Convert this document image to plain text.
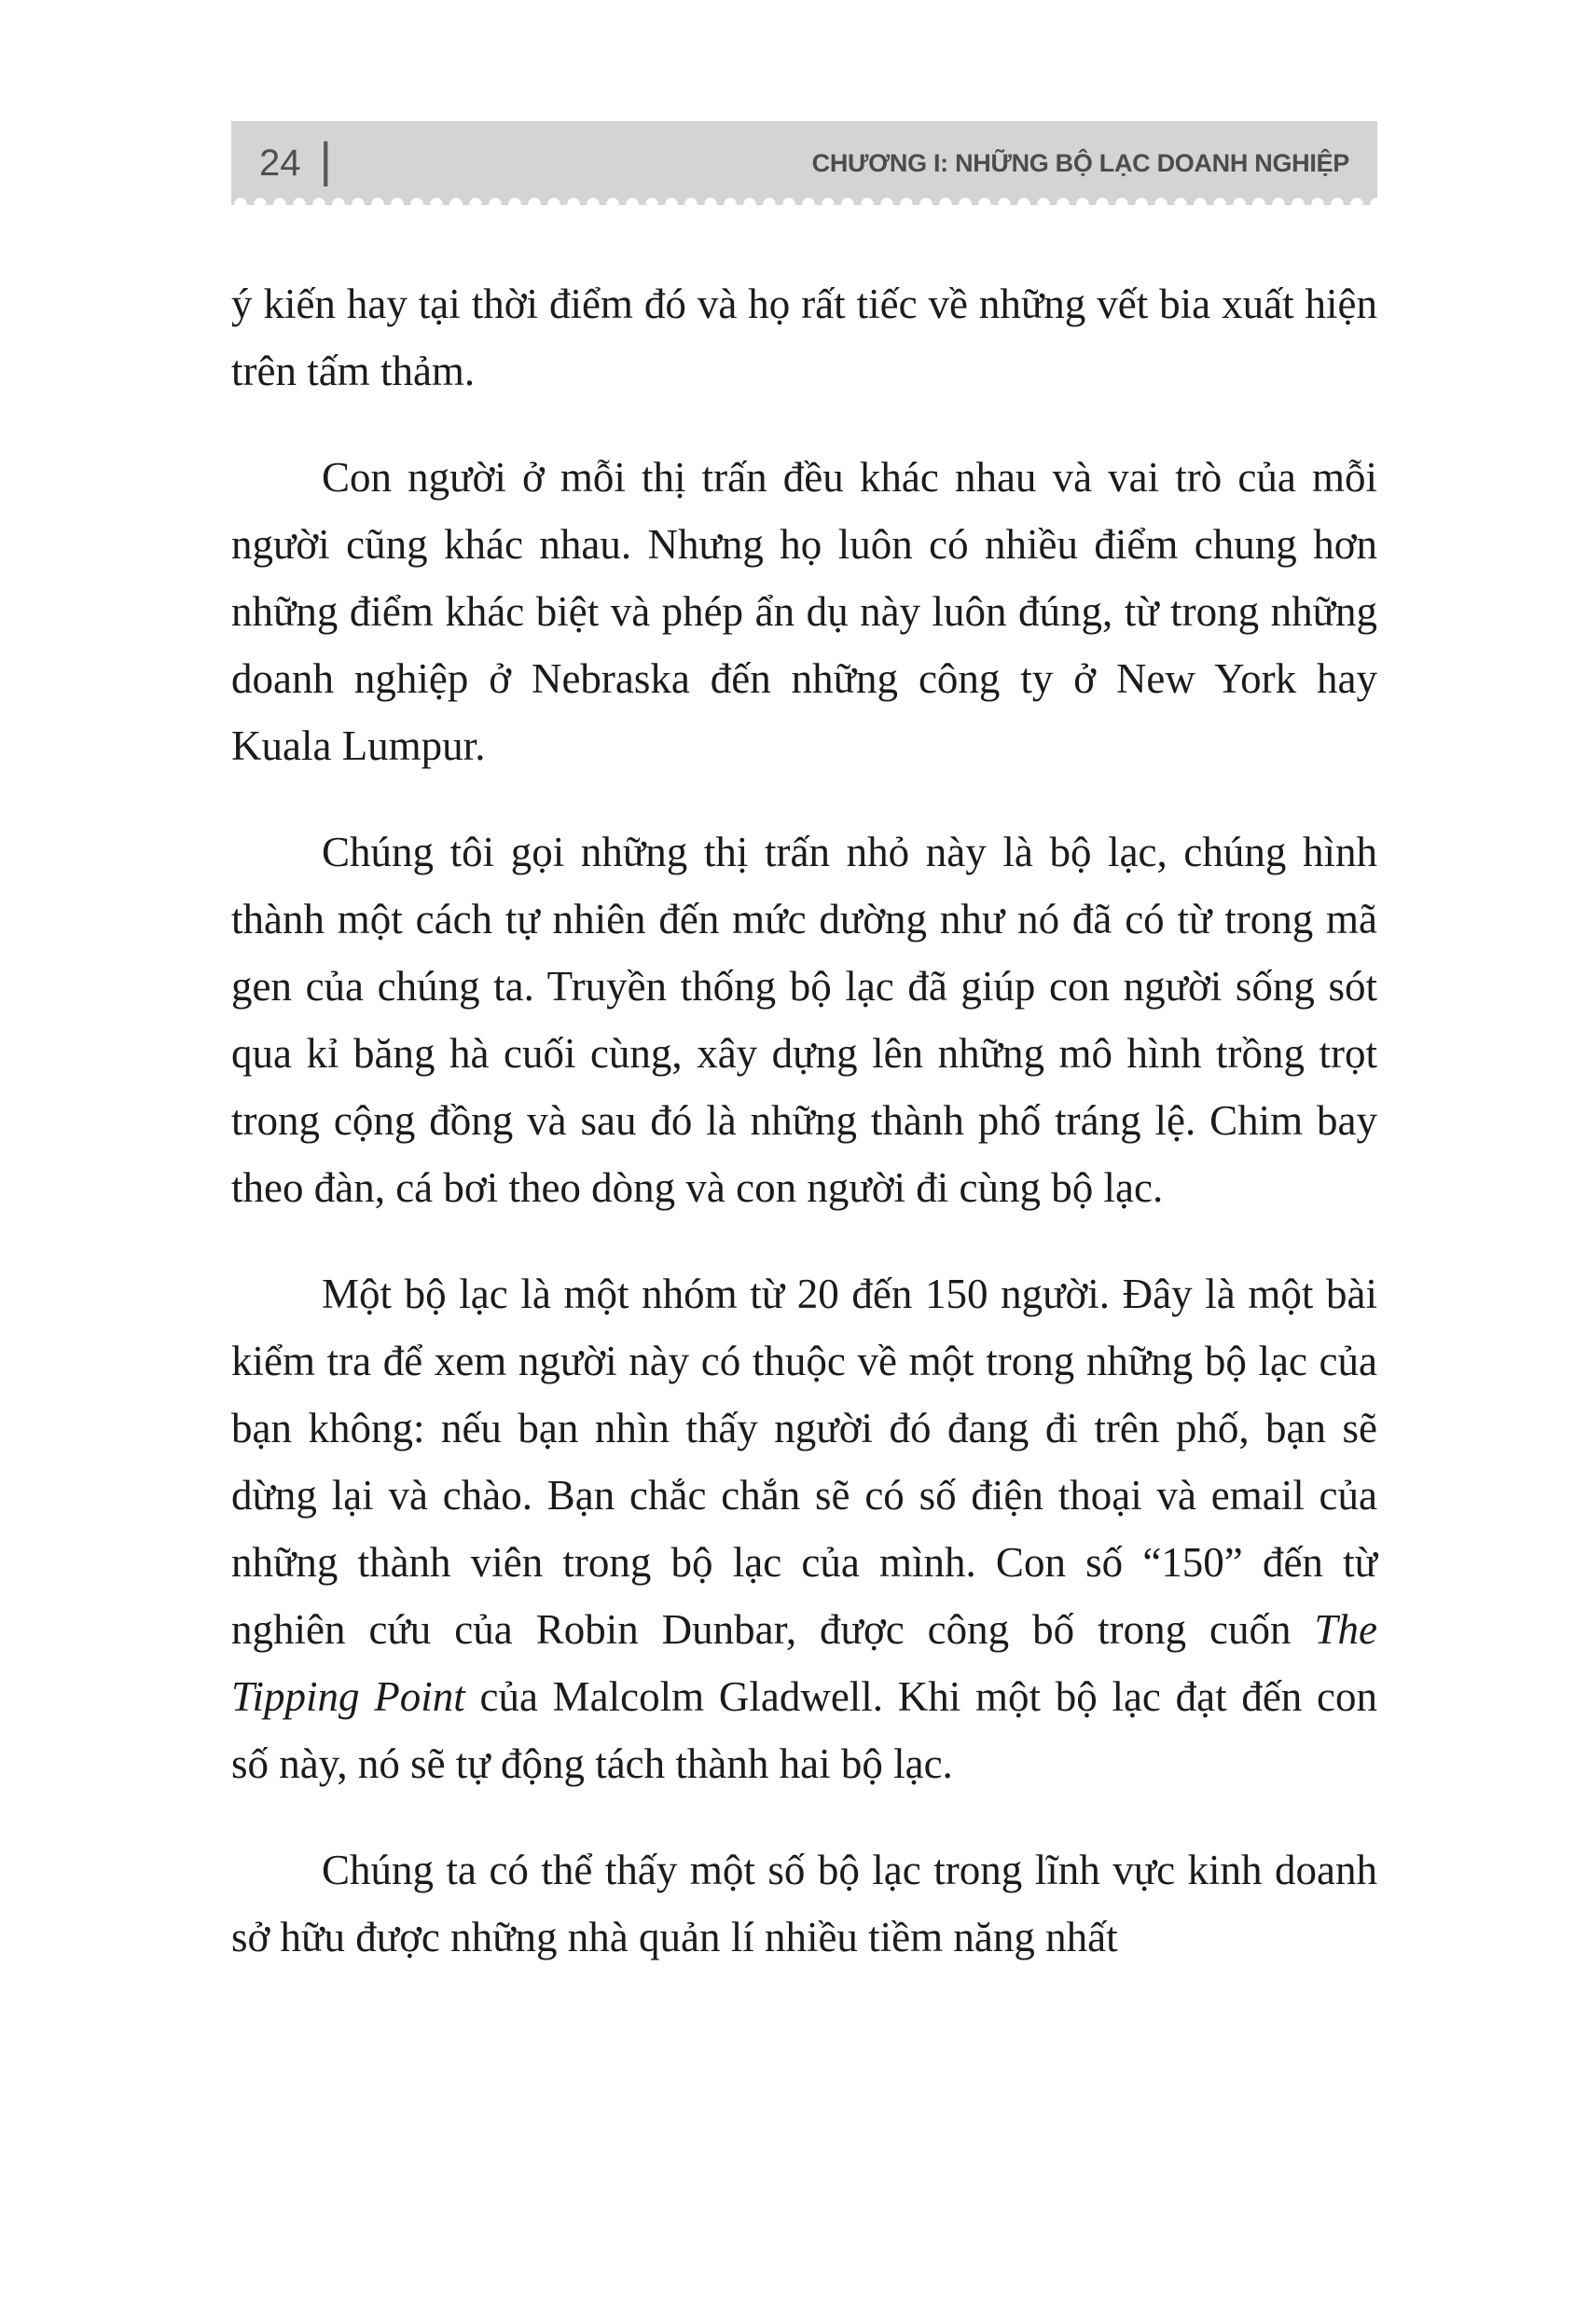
24 |	CHƯƠNG I: NHỮNG BỘ LẠC DOANH NGHIỆP

ý kiến hay tại thời điểm đó và họ rất tiếc về những vết bia xuất hiện trên tấm thảm.

Con người ở mỗi thị trấn đều khác nhau và vai trò của mỗi người cũng khác nhau. Nhưng họ luôn có nhiều điểm chung hơn những điểm khác biệt và phép ẩn dụ này luôn đúng, từ trong những doanh nghiệp ở Nebraska đến những công ty ở New York hay Kuala Lumpur.

Chúng tôi gọi những thị trấn nhỏ này là bộ lạc, chúng hình thành một cách tự nhiên đến mức dường như nó đã có từ trong mã gen của chúng ta. Truyền thống bộ lạc đã giúp con người sống sót qua kỉ băng hà cuối cùng, xây dựng lên những mô hình trồng trọt trong cộng đồng và sau đó là những thành phố tráng lệ. Chim bay theo đàn, cá bơi theo dòng và con người đi cùng bộ lạc.

Một bộ lạc là một nhóm từ 20 đến 150 người. Đây là một bài kiểm tra để xem người này có thuộc về một trong những bộ lạc của bạn không: nếu bạn nhìn thấy người đó đang đi trên phố, bạn sẽ dừng lại và chào. Bạn chắc chắn sẽ có số điện thoại và email của những thành viên trong bộ lạc của mình. Con số “150” đến từ nghiên cứu của Robin Dunbar, được công bố trong cuốn The Tipping Point của Malcolm Gladwell. Khi một bộ lạc đạt đến con số này, nó sẽ tự động tách thành hai bộ lạc.

Chúng ta có thể thấy một số bộ lạc trong lĩnh vực kinh doanh sở hữu được những nhà quản lí nhiều tiềm năng nhất
